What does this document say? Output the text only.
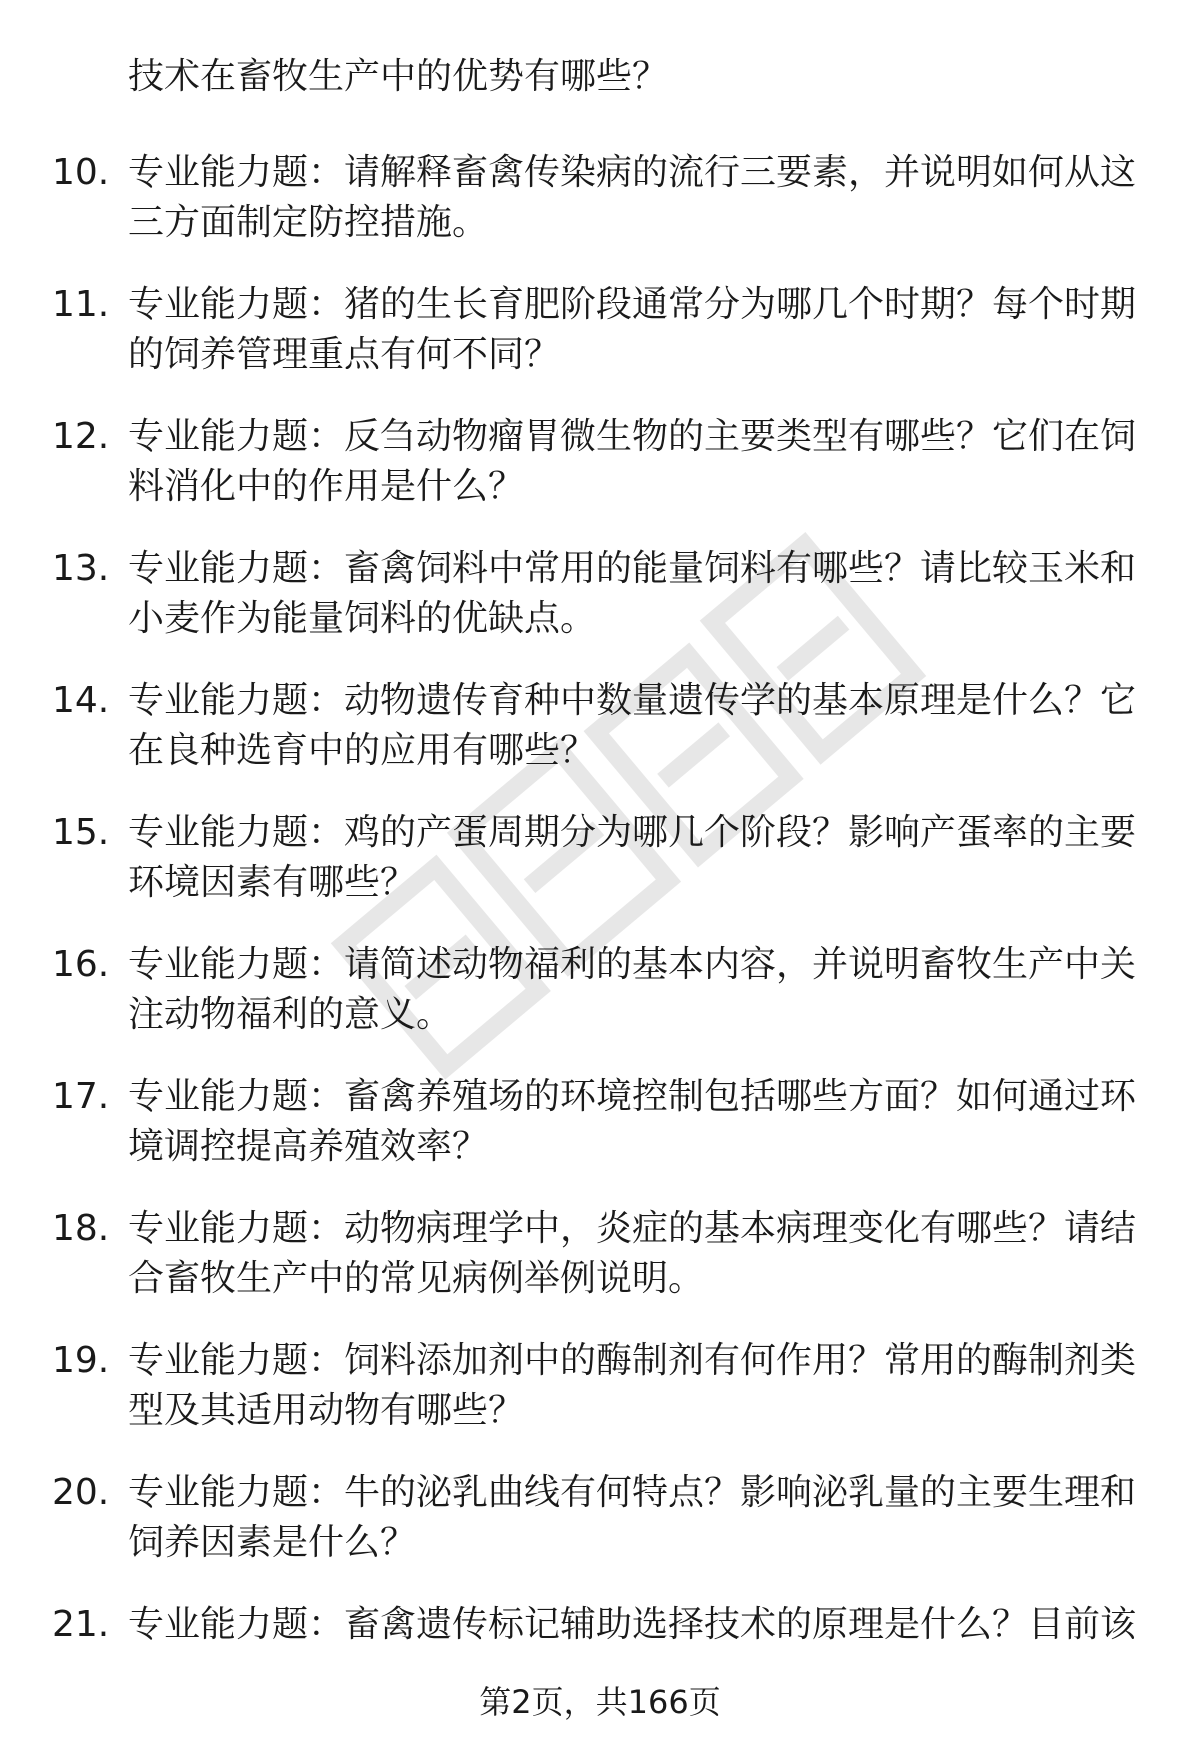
技术在畜牧生产中的优势有哪些？
10. 专业能力题：请解释畜禽传染病的流行三要素，并说明如何从这三方面制定防控措施。
11. 专业能力题：猪的生长育肥阶段通常分为哪几个时期？每个时期的饲养管理重点有何不同？
12. 专业能力题：反刍动物瘤胃微生物的主要类型有哪些？它们在饲料消化中的作用是什么？
13. 专业能力题：畜禽饲料中常用的能量饲料有哪些？请比较玉米和小麦作为能量饲料的优缺点。
14. 专业能力题：动物遗传育种中数量遗传学的基本原理是什么？它在良种选育中的应用有哪些？
15. 专业能力题：鸡的产蛋周期分为哪几个阶段？影响产蛋率的主要环境因素有哪些？
16. 专业能力题：请简述动物福利的基本内容，并说明畜牧生产中关注动物福利的意义。
17. 专业能力题：畜禽养殖场的环境控制包括哪些方面？如何通过环境调控提高养殖效率？
18. 专业能力题：动物病理学中，炎症的基本病理变化有哪些？请结合畜牧生产中的常见病例举例说明。
19. 专业能力题：饲料添加剂中的酶制剂有何作用？常用的酶制剂类型及其适用动物有哪些？
20. 专业能力题：牛的泌乳曲线有何特点？影响泌乳量的主要生理和饲养因素是什么？
21. 专业能力题：畜禽遗传标记辅助选择技术的原理是什么？目前该
第2页，共166页
